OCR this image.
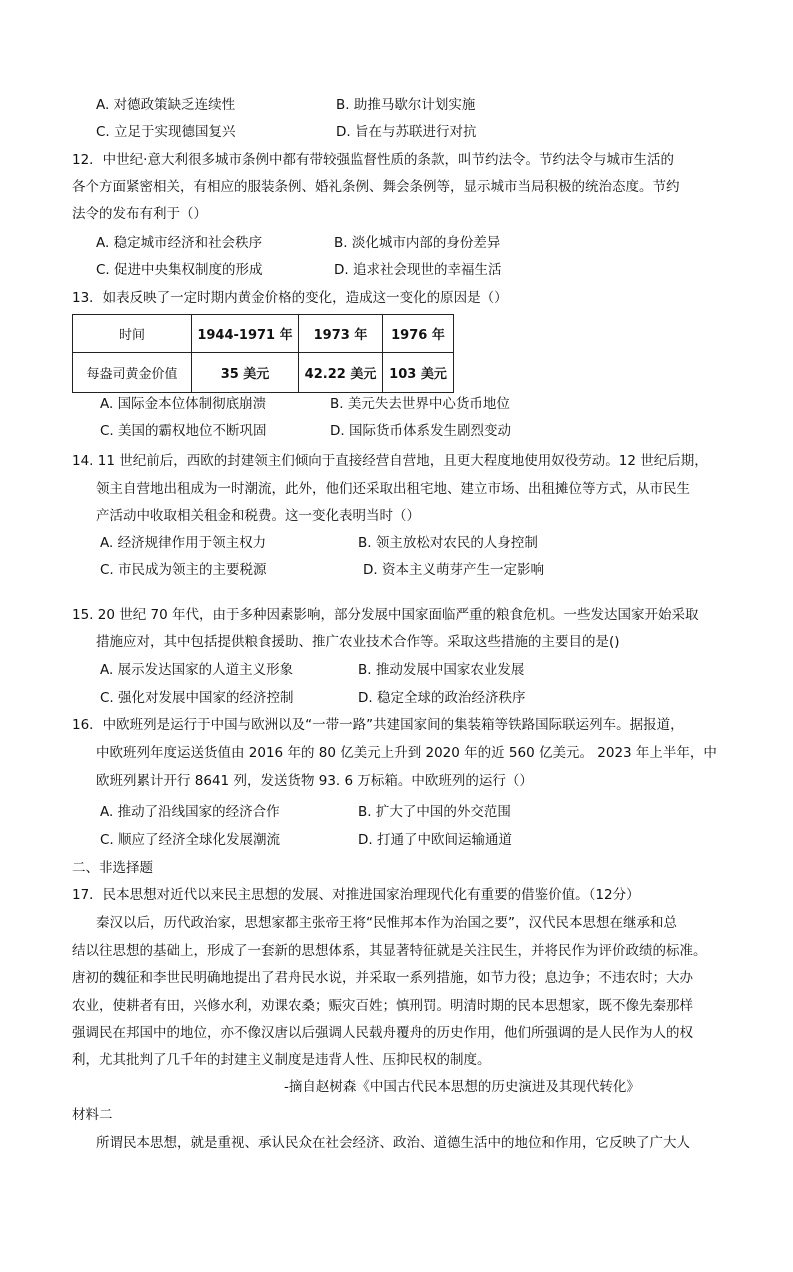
A. 对德政策缺乏连续性	B. 助推马歇尔计划实施
C. 立足于实现德国复兴	D. 旨在与苏联进行对抗
12．中世纪·意大利很多城市条例中都有带较强监督性质的条款，叫节约法令。节约法令与城市生活的
各个方面紧密相关，有相应的服装条例、婚礼条例、舞会条例等，显示城市当局积极的统治态度。节约
法令的发布有利于（）
A. 稳定城市经济和社会秩序	B. 淡化城市内部的身份差异
C. 促进中央集权制度的形成	D. 追求社会现世的幸福生活
13．如表反映了一定时期内黄金价格的变化，造成这一变化的原因是（）
时间	1944-1971 年	1973 年	1976 年
每盎司黄金价值	35 美元	42.22 美元	103 美元
A. 国际金本位体制彻底崩溃	B. 美元失去世界中心货币地位
C. 美国的霸权地位不断巩固	D. 国际货币体系发生剧烈变动
14. 11 世纪前后，西欧的封建领主们倾向于直接经营自营地，且更大程度地使用奴役劳动。12 世纪后期，
领主自营地出租成为一时潮流，此外，他们还采取出租宅地、建立市场、出租摊位等方式，从市民生
产活动中收取相关租金和税费。这一变化表明当时（）
A. 经济规律作用于领主权力	B. 领主放松对农民的人身控制
C. 市民成为领主的主要税源	D. 资本主义萌芽产生一定影响
15. 20 世纪 70 年代，由于多种因素影响，部分发展中国家面临严重的粮食危机。一些发达国家开始采取
措施应对，其中包括提供粮食援助、推广农业技术合作等。采取这些措施的主要目的是()
A. 展示发达国家的人道主义形象	B. 推动发展中国家农业发展
C. 强化对发展中国家的经济控制	D. 稳定全球的政治经济秩序
16．中欧班列是运行于中国与欧洲以及“一带一路”共建国家间的集装箱等铁路国际联运列车。据报道，
中欧班列年度运送货值由 2016 年的 80 亿美元上升到 2020 年的近 560 亿美元。 2023 年上半年，中
欧班列累计开行 8641 列，发送货物 93. 6 万标箱。中欧班列的运行（）
A. 推动了沿线国家的经济合作	B. 扩大了中国的外交范围
C. 顺应了经济全球化发展潮流	D. 打通了中欧间运输通道
二、非选择题
17．民本思想对近代以来民主思想的发展、对推进国家治理现代化有重要的借鉴价值。（12分）
秦汉以后，历代政治家，思想家都主张帝王将“民惟邦本作为治国之要”，汉代民本思想在继承和总
结以往思想的基础上，形成了一套新的思想体系，其显著特征就是关注民生，并将民作为评价政绩的标准。
唐初的魏征和李世民明确地提出了君舟民水说，并采取一系列措施，如节力役；息边争；不违农时；大办
农业，使耕者有田，兴修水利，劝课农桑；赈灾百姓；慎刑罚。明清时期的民本思想家，既不像先秦那样
强调民在邦国中的地位，亦不像汉唐以后强调人民载舟覆舟的历史作用，他们所强调的是人民作为人的权
利，尤其批判了几千年的封建主义制度是违背人性、压抑民权的制度。
-摘自赵树森《中国古代民本思想的历史演进及其现代转化》
材料二
所谓民本思想，就是重视、承认民众在社会经济、政治、道德生活中的地位和作用，它反映了广大人
